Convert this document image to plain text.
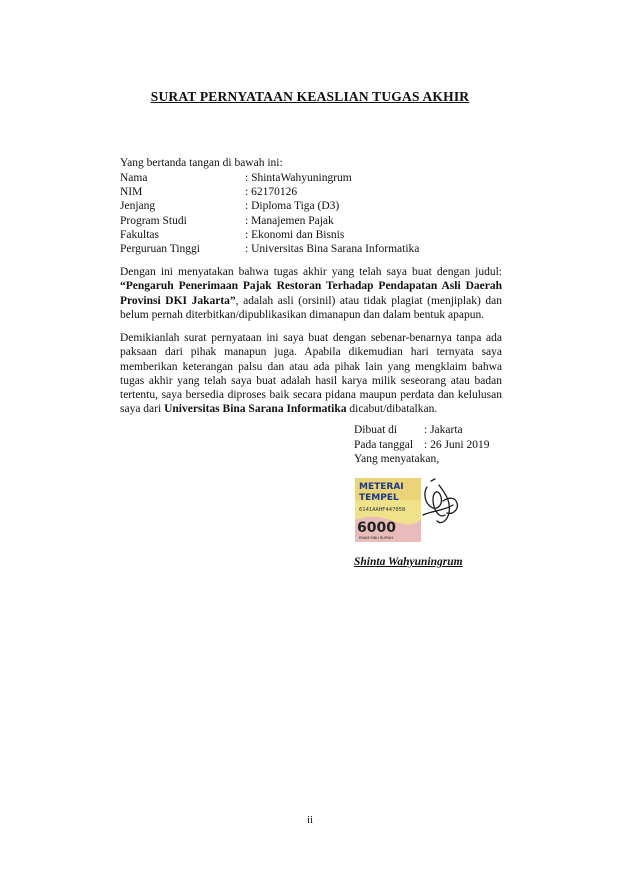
SURAT PERNYATAAN KEASLIAN TUGAS AKHIR
Yang bertanda tangan di bawah ini:
Nama	: ShintaWahyuningrum
NIM	: 62170126
Jenjang	: Diploma Tiga (D3)
Program Studi	: Manajemen Pajak
Fakultas	: Ekonomi dan Bisnis
Perguruan Tinggi	: Universitas Bina Sarana Informatika
Dengan ini menyatakan bahwa tugas akhir yang telah saya buat dengan judul: “Pengaruh Penerimaan Pajak Restoran Terhadap Pendapatan Asli Daerah Provinsi DKI Jakarta”, adalah asli (orsinil) atau tidak plagiat (menjiplak) dan belum pernah diterbitkan/dipublikasikan dimanapun dan dalam bentuk apapun.
Demikianlah surat pernyataan ini saya buat dengan sebenar-benarnya tanpa ada paksaan dari pihak manapun juga. Apabila dikemudian hari ternyata saya memberikan keterangan palsu dan atau ada pihak lain yang mengklaim bahwa tugas akhir yang telah saya buat adalah hasil karya milik seseorang atau badan tertentu, saya bersedia diproses baik secara pidana maupun perdata dan kelulusan saya dari Universitas Bina Sarana Informatika dicabut/dibatalkan.
Dibuat di	: Jakarta
Pada tanggal : 26 Juni 2019
Yang menyatakan,
METERAI
TEMPEL
6141AAHF447058
6000
ENAM RIBU RUPIAH
Shinta Wahyuningrum
ii
